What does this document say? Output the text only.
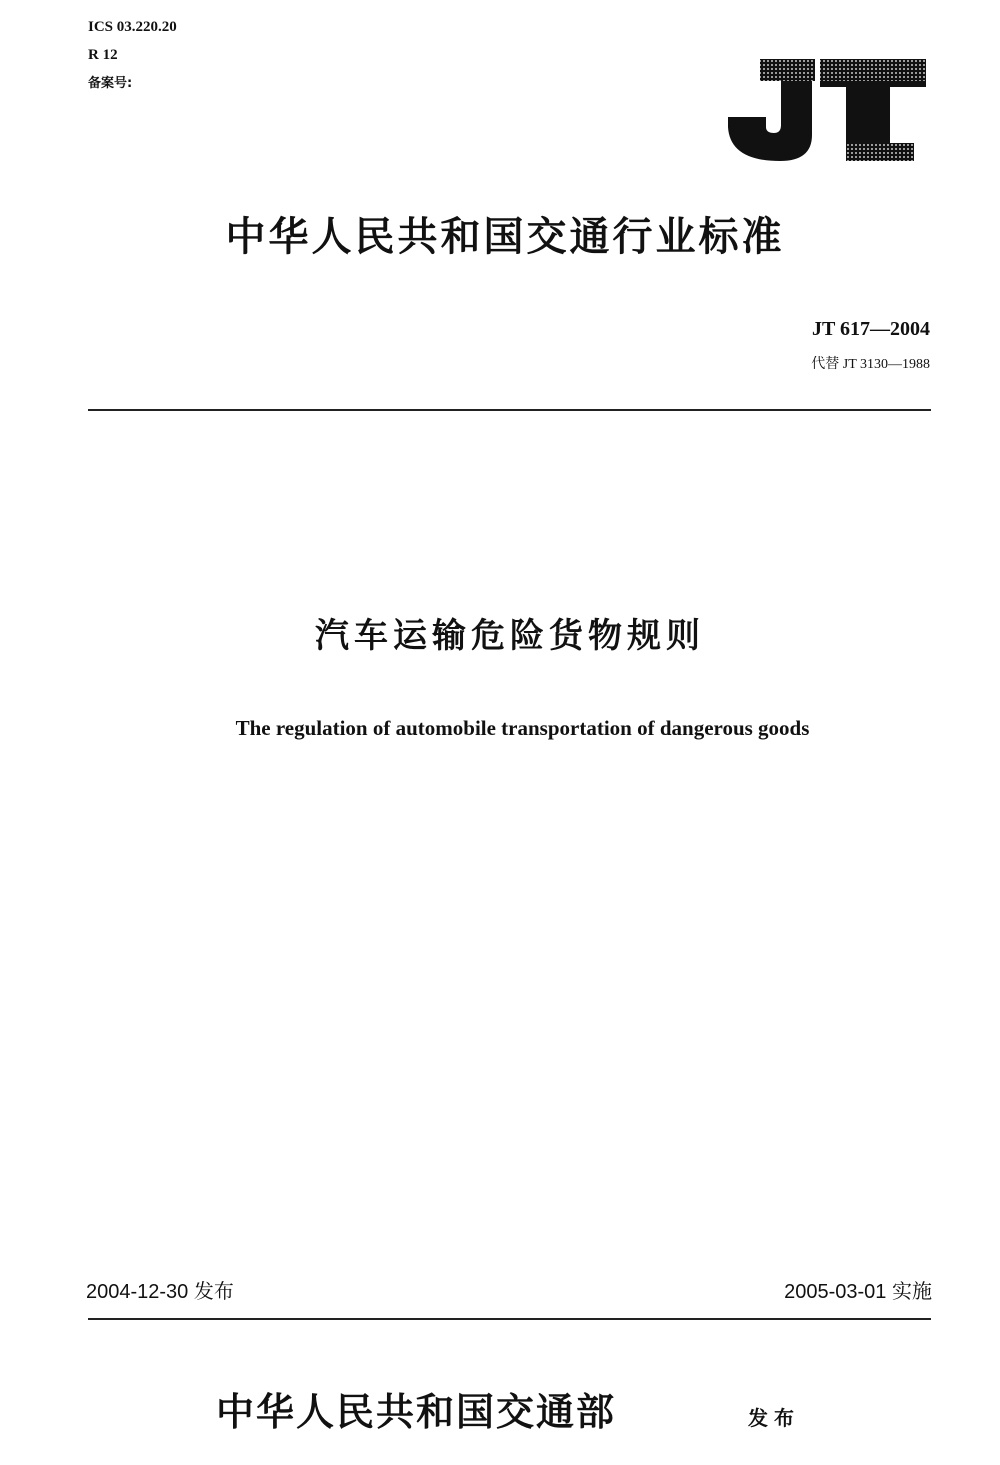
ICS 03.220.20
R 12
备案号:
中华人民共和国交通行业标准
JT 617—2004
代替 JT 3130—1988
汽车运输危险货物规则
The regulation of automobile transportation of dangerous goods
2004-12-30 发布	2005-03-01 实施
中华人民共和国交通部	发布
